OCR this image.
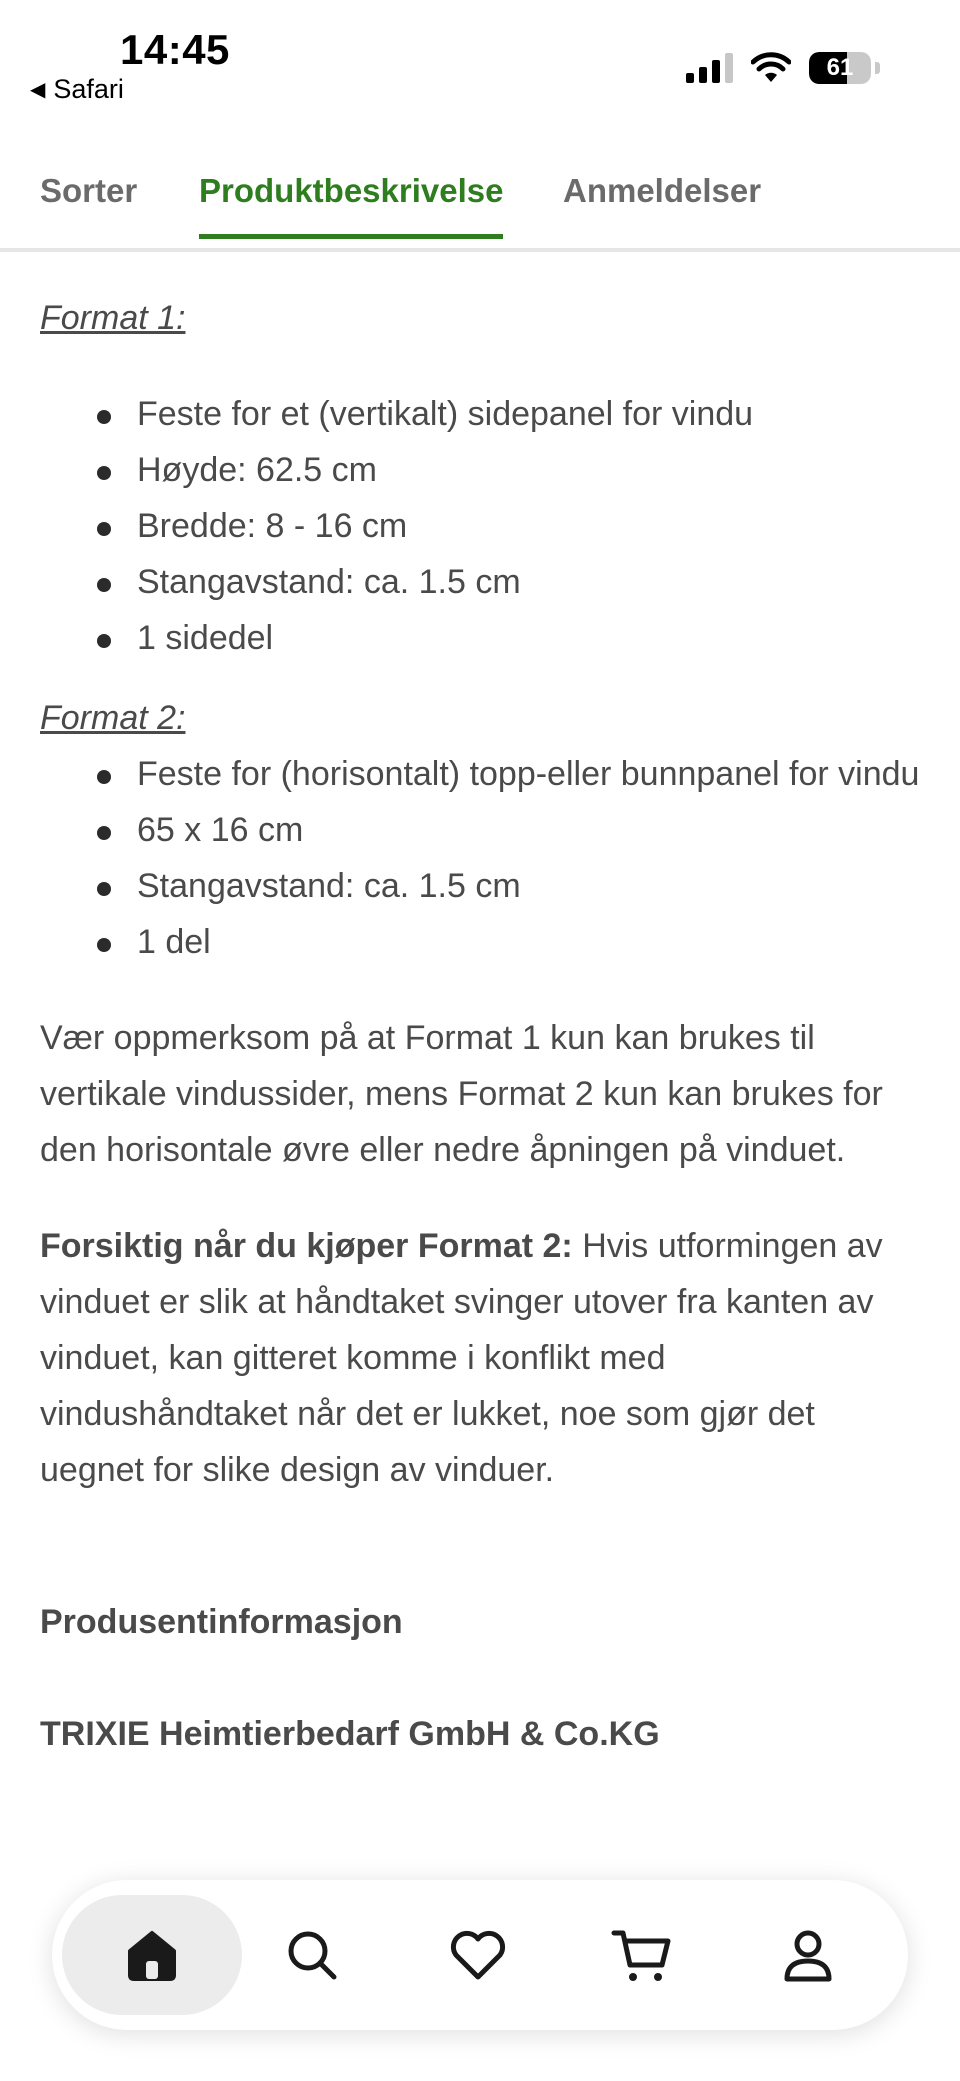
14:45
◀ Safari
61
Sorter Produktbeskrivelse Anmeldelser

Format 1:

Feste for et (vertikalt) sidepanel for vindu
Høyde: 62.5 cm
Bredde: 8 - 16 cm
Stangavstand: ca. 1.5 cm
1 sidedel

Format 2:

Feste for (horisontalt) topp-eller bunnpanel for vindu
65 x 16 cm
Stangavstand: ca. 1.5 cm
1 del

Vær oppmerksom på at Format 1 kun kan brukes til vertikale vindussider, mens Format 2 kun kan brukes for den horisontale øvre eller nedre åpningen på vinduet.

Forsiktig når du kjøper Format 2: Hvis utformingen av vinduet er slik at håndtaket svinger utover fra kanten av vinduet, kan gitteret komme i konflikt med vindushåndtaket når det er lukket, noe som gjør det uegnet for slike design av vinduer.

Produsentinformasjon

TRIXIE Heimtierbedarf GmbH & Co.KG
